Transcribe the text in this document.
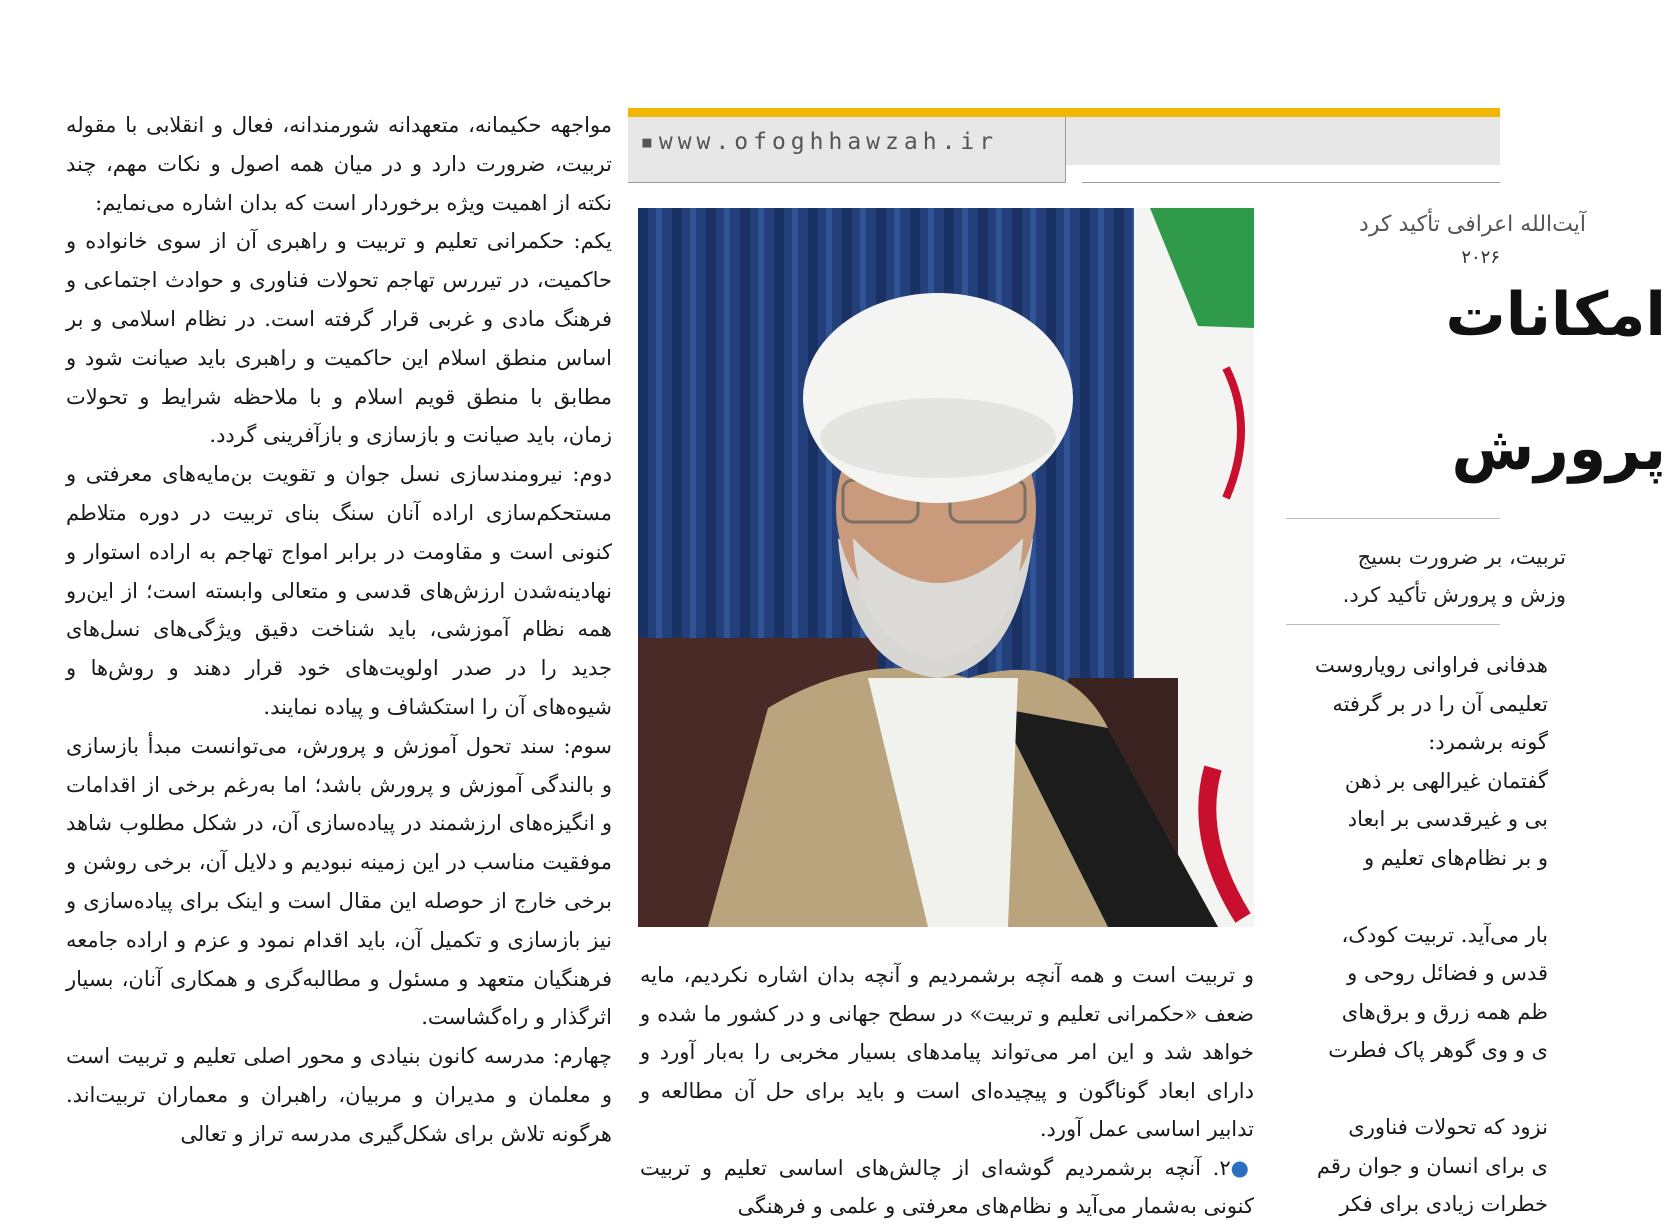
۲۰۲۶
▪www.ofoghhawzah.ir

مواجهه حکیمانه، متعهدانه شورمندانه، فعال و انقلابی با مقوله تربیت، ضرورت دارد و در میان همه اصول و نکات مهم، چند نکته از اهمیت ویژه برخوردار است که بدان اشاره می‌نمایم:

یکم: حکمرانی تعلیم و تربیت و راهبری آن از سوی خانواده و حاکمیت، در تیررس تهاجم تحولات فناوری و حوادث اجتماعی و فرهنگ مادی و غربی قرار گرفته است. در نظام اسلامی و بر اساس منطق اسلام این حاکمیت و راهبری باید صیانت شود و مطابق با منطق قویم اسلام و با ملاحظه شرایط و تحولات زمان، باید صیانت و بازسازی و بازآفرینی گردد.

دوم: نیرومندسازی نسل جوان و تقویت بن‌مایه‌های معرفتی و مستحکم‌سازی اراده آنان سنگ بنای تربیت در دوره متلاطم کنونی است و مقاومت در برابر امواج تهاجم به اراده استوار و نهادینه‌شدن ارزش‌های قدسی و متعالی وابسته است؛ از این‌رو همه نظام آموزشی، باید شناخت دقیق ویژگی‌های نسل‌های جدید را در صدر اولویت‌های خود قرار دهند و روش‌ها و شیوه‌های آن را استکشاف و پیاده نمایند.

سوم: سند تحول آموزش و پرورش، می‌توانست مبدأ بازسازی و بالندگی آموزش و پرورش باشد؛ اما به‌رغم برخی از اقدامات و انگیزه‌های ارزشمند در پیاده‌سازی آن، در شکل مطلوب شاهد موفقیت مناسب در این زمینه نبودیم و دلایل آن، برخی روشن و برخی خارج از حوصله این مقال است و اینک برای پیاده‌سازی و نیز بازسازی و تکمیل آن، باید اقدام نمود و عزم و اراده جامعه فرهنگیان متعهد و مسئول و مطالبه‌گری و همکاری آنان، بسیار اثرگذار و راه‌گشاست.

چهارم: مدرسه کانون بنیادی و محور اصلی تعلیم و تربیت است و معلمان و مدیران و مربیان، راهبران و معماران تربیت‌اند. هرگونه تلاش برای شکل‌گیری مدرسه تراز و تعالی

آیت‌الله اعرافی تأکید کرد
امکانات
پرورش
تربیت، بر ضرورت بسیج
وزش و پرورش تأکید کرد.

و تربیت است و همه آنچه برشمردیم و آنچه بدان اشاره نکردیم، مایه ضعف «حکمرانی تعلیم و تربیت» در سطح جهانی و در کشور ما شده و خواهد شد و این امر می‌تواند پیامدهای بسیار مخربی را به‌بار آورد و دارای ابعاد گوناگون و پیچیده‌ای است و باید برای حل آن مطالعه و تدابیر اساسی عمل آورد.

●۲. آنچه برشمردیم گوشه‌ای از چالش‌های اساسی تعلیم و تربیت کنونی به‌شمار می‌آید و نظام‌های معرفتی و علمی و فرهنگی

هدفانی فراوانی رویاروست
تعلیمی آن را در بر گرفته
گونه برشمرد:
گفتمان غیرالهی بر ذهن
بی و غیرقدسی بر ابعاد
و بر نظام‌های تعلیم و

بار می‌آید. تربیت کودک،
قدس و فضائل روحی و
ظم همه زرق و برق‌های
ی و وی گوهر پاک فطرت

نزود که تحولات فناوری
ی برای انسان و جوان رقم
خطرات زیادی برای فکر
